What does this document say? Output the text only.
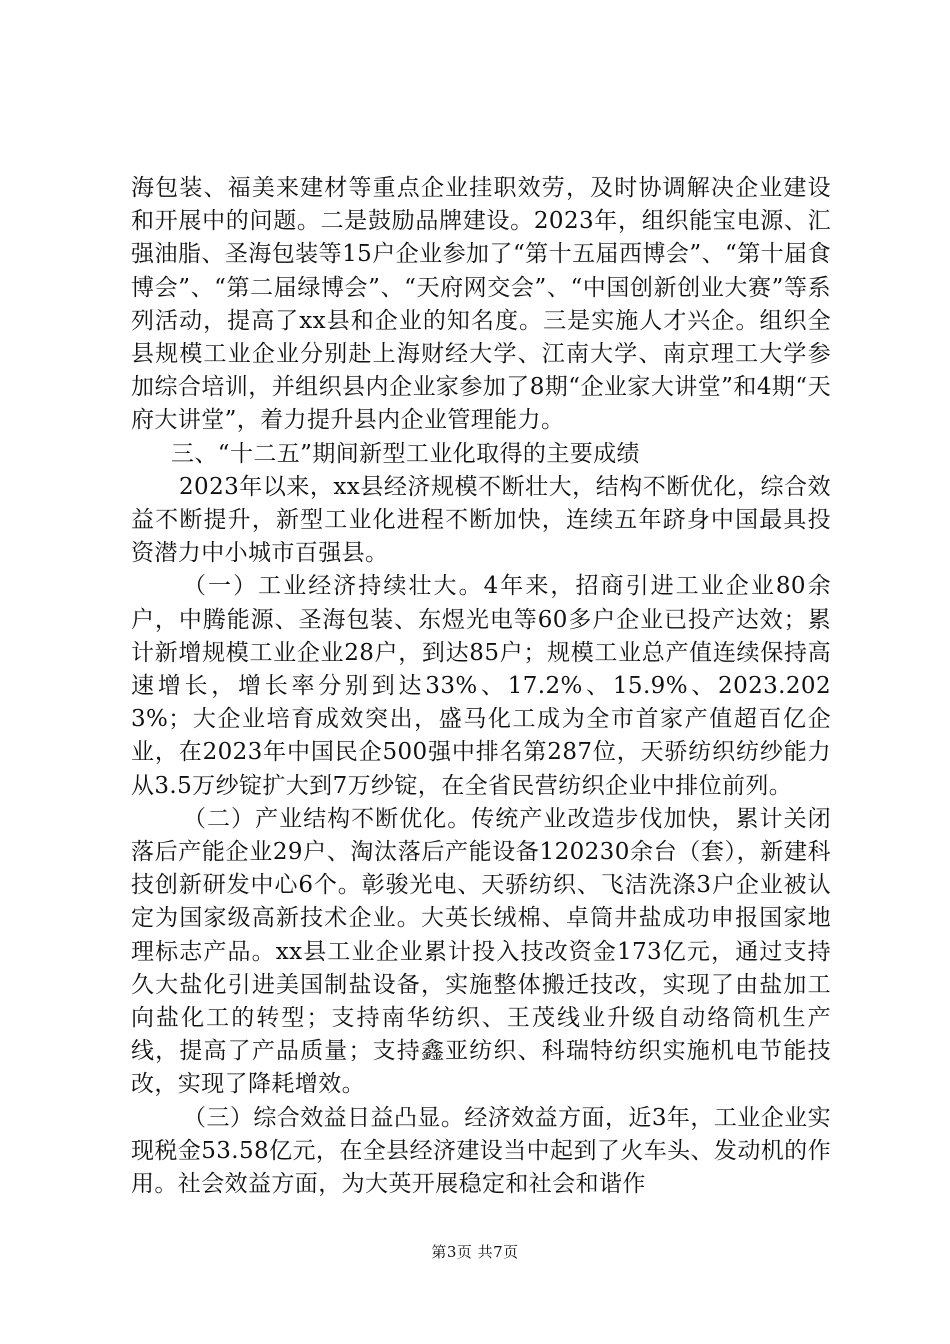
海包装、福美来建材等重点企业挂职效劳，及时协调解决企业建设和开展中的问题。二是鼓励品牌建设。2023年，组织能宝电源、汇强油脂、圣海包装等15户企业参加了“第十五届西博会”、“第十届食博会”、“第二届绿博会”、“天府网交会”、“中国创新创业大赛”等系列活动，提高了xx县和企业的知名度。三是实施人才兴企。组织全县规模工业企业分别赴上海财经大学、江南大学、南京理工大学参加综合培训，并组织县内企业家参加了8期“企业家大讲堂”和4期“天府大讲堂”，着力提升县内企业管理能力。

三、“十二五”期间新型工业化取得的主要成绩

2023年以来，xx县经济规模不断壮大，结构不断优化，综合效益不断提升，新型工业化进程不断加快，连续五年跻身中国最具投资潜力中小城市百强县。

（一）工业经济持续壮大。4年来，招商引进工业企业80余户，中腾能源、圣海包装、东煜光电等60多户企业已投产达效；累计新增规模工业企业28户，到达85户；规模工业总产值连续保持高速增长，增长率分别到达33%、17.2%、15.9%、2023.2023%；大企业培育成效突出，盛马化工成为全市首家产值超百亿企业，在2023年中国民企500强中排名第287位，天骄纺织纺纱能力从3.5万纱锭扩大到7万纱锭，在全省民营纺织企业中排位前列。

（二）产业结构不断优化。传统产业改造步伐加快，累计关闭落后产能企业29户、淘汰落后产能设备120230余台（套），新建科技创新研发中心6个。彰骏光电、天骄纺织、飞洁洗涤3户企业被认定为国家级高新技术企业。大英长绒棉、卓筒井盐成功申报国家地理标志产品。xx县工业企业累计投入技改资金173亿元，通过支持久大盐化引进美国制盐设备，实施整体搬迁技改，实现了由盐加工向盐化工的转型；支持南华纺织、王茂线业升级自动络筒机生产线，提高了产品质量；支持鑫亚纺织、科瑞特纺织实施机电节能技改，实现了降耗增效。

（三）综合效益日益凸显。经济效益方面，近3年，工业企业实现税金53.58亿元，在全县经济建设当中起到了火车头、发动机的作用。社会效益方面，为大英开展稳定和社会和谐作

第3页 共7页
